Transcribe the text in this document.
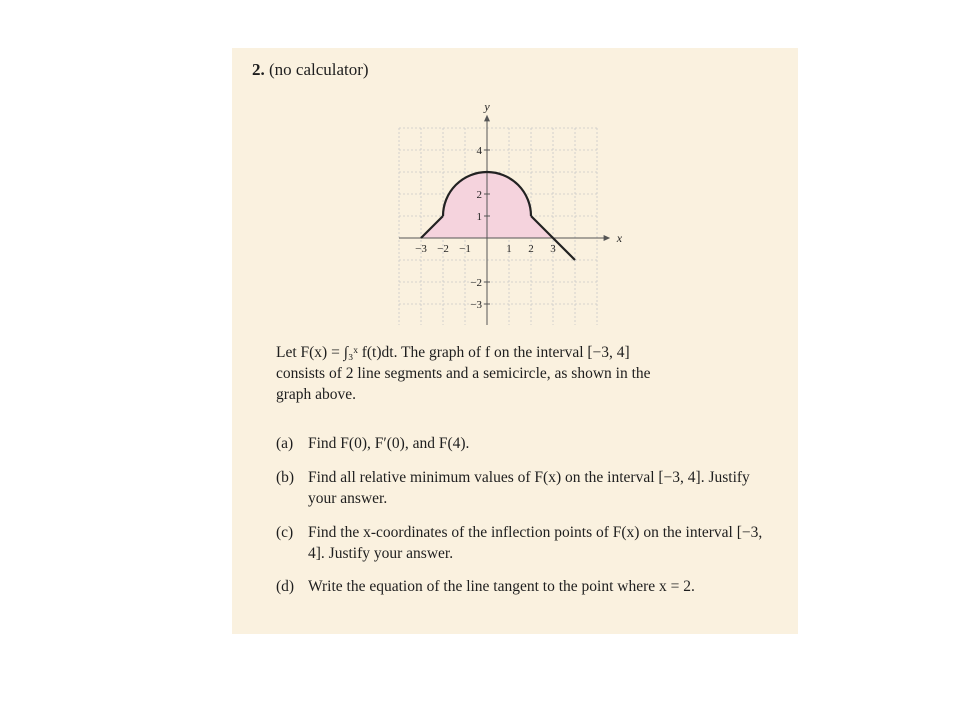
2. (no calculator)
−3 −2 −1	1 2 3
4
2
1
−2
−3
x
y
Let F(x) = ∫₃ˣ f(t)dt. The graph of f on the interval [−3, 4]
consists of 2 line segments and a semicircle, as shown in the
graph above.
(a) Find F(0), F′(0), and F(4).
(b) Find all relative minimum values of F(x) on the interval [−3, 4]. Justify your answer.
(c) Find the x-coordinates of the inflection points of F(x) on the interval [−3, 4]. Justify your answer.
(d) Write the equation of the line tangent to the point where x = 2.
